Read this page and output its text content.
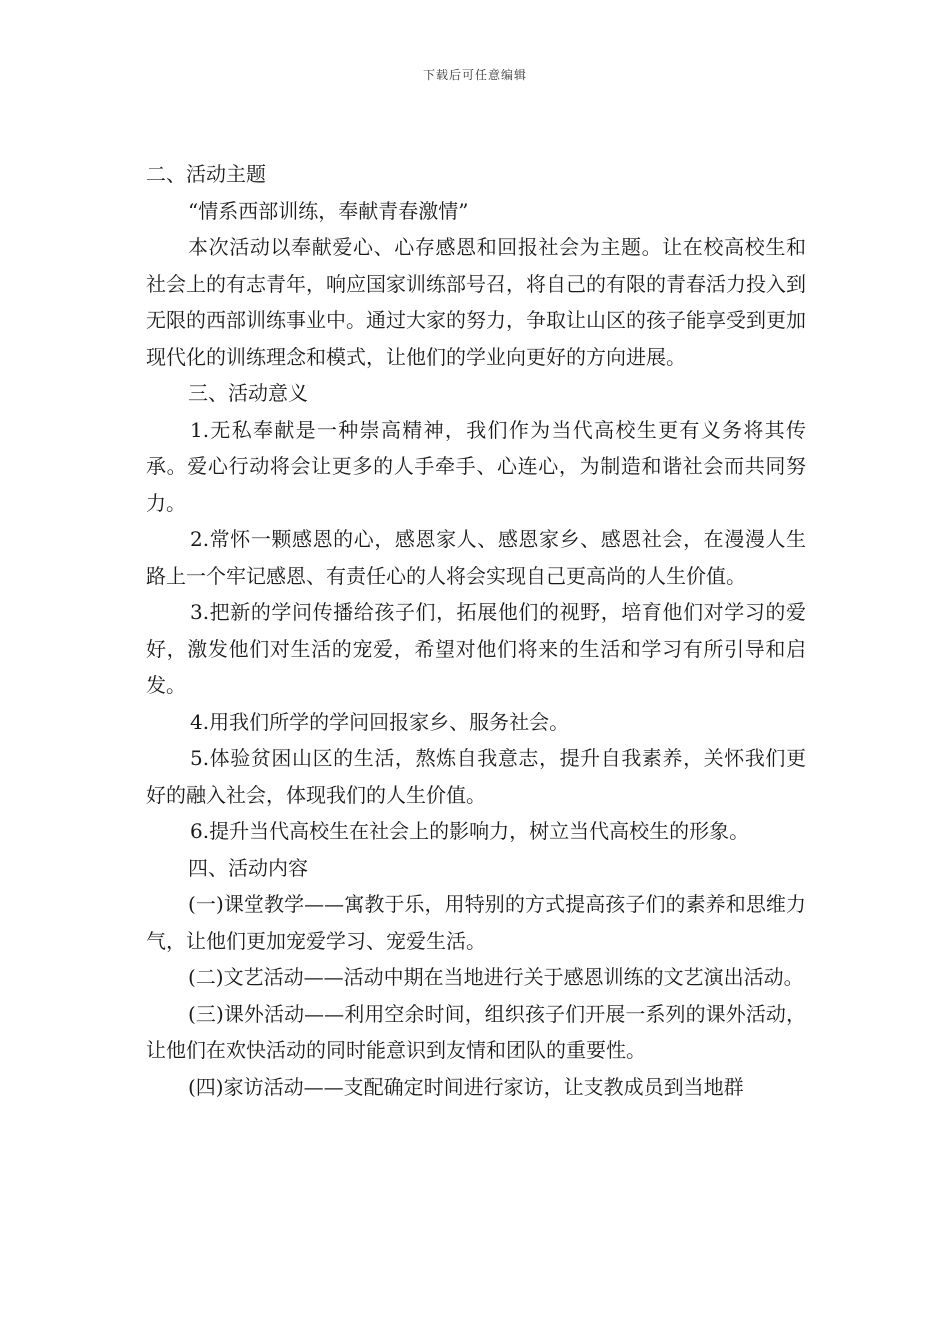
下载后可任意编辑

二、活动主题

“情系西部训练，奉献青春激情”

本次活动以奉献爱心、心存感恩和回报社会为主题。让在校高校生和社会上的有志青年，响应国家训练部号召，将自己的有限的青春活力投入到无限的西部训练事业中。通过大家的努力，争取让山区的孩子能享受到更加现代化的训练理念和模式，让他们的学业向更好的方向进展。

三、活动意义

1.无私奉献是一种崇高精神，我们作为当代高校生更有义务将其传承。爱心行动将会让更多的人手牵手、心连心，为制造和谐社会而共同努力。

2.常怀一颗感恩的心，感恩家人、感恩家乡、感恩社会，在漫漫人生路上一个牢记感恩、有责任心的人将会实现自己更高尚的人生价值。

3.把新的学问传播给孩子们，拓展他们的视野，培育他们对学习的爱好，激发他们对生活的宠爱，希望对他们将来的生活和学习有所引导和启发。

4.用我们所学的学问回报家乡、服务社会。

5.体验贫困山区的生活，熬炼自我意志，提升自我素养，关怀我们更好的融入社会，体现我们的人生价值。

6.提升当代高校生在社会上的影响力，树立当代高校生的形象。

四、活动内容

(一)课堂教学——寓教于乐，用特别的方式提高孩子们的素养和思维力气，让他们更加宠爱学习、宠爱生活。

(二)文艺活动——活动中期在当地进行关于感恩训练的文艺演出活动。

(三)课外活动——利用空余时间，组织孩子们开展一系列的课外活动，让他们在欢快活动的同时能意识到友情和团队的重要性。

(四)家访活动——支配确定时间进行家访，让支教成员到当地群
